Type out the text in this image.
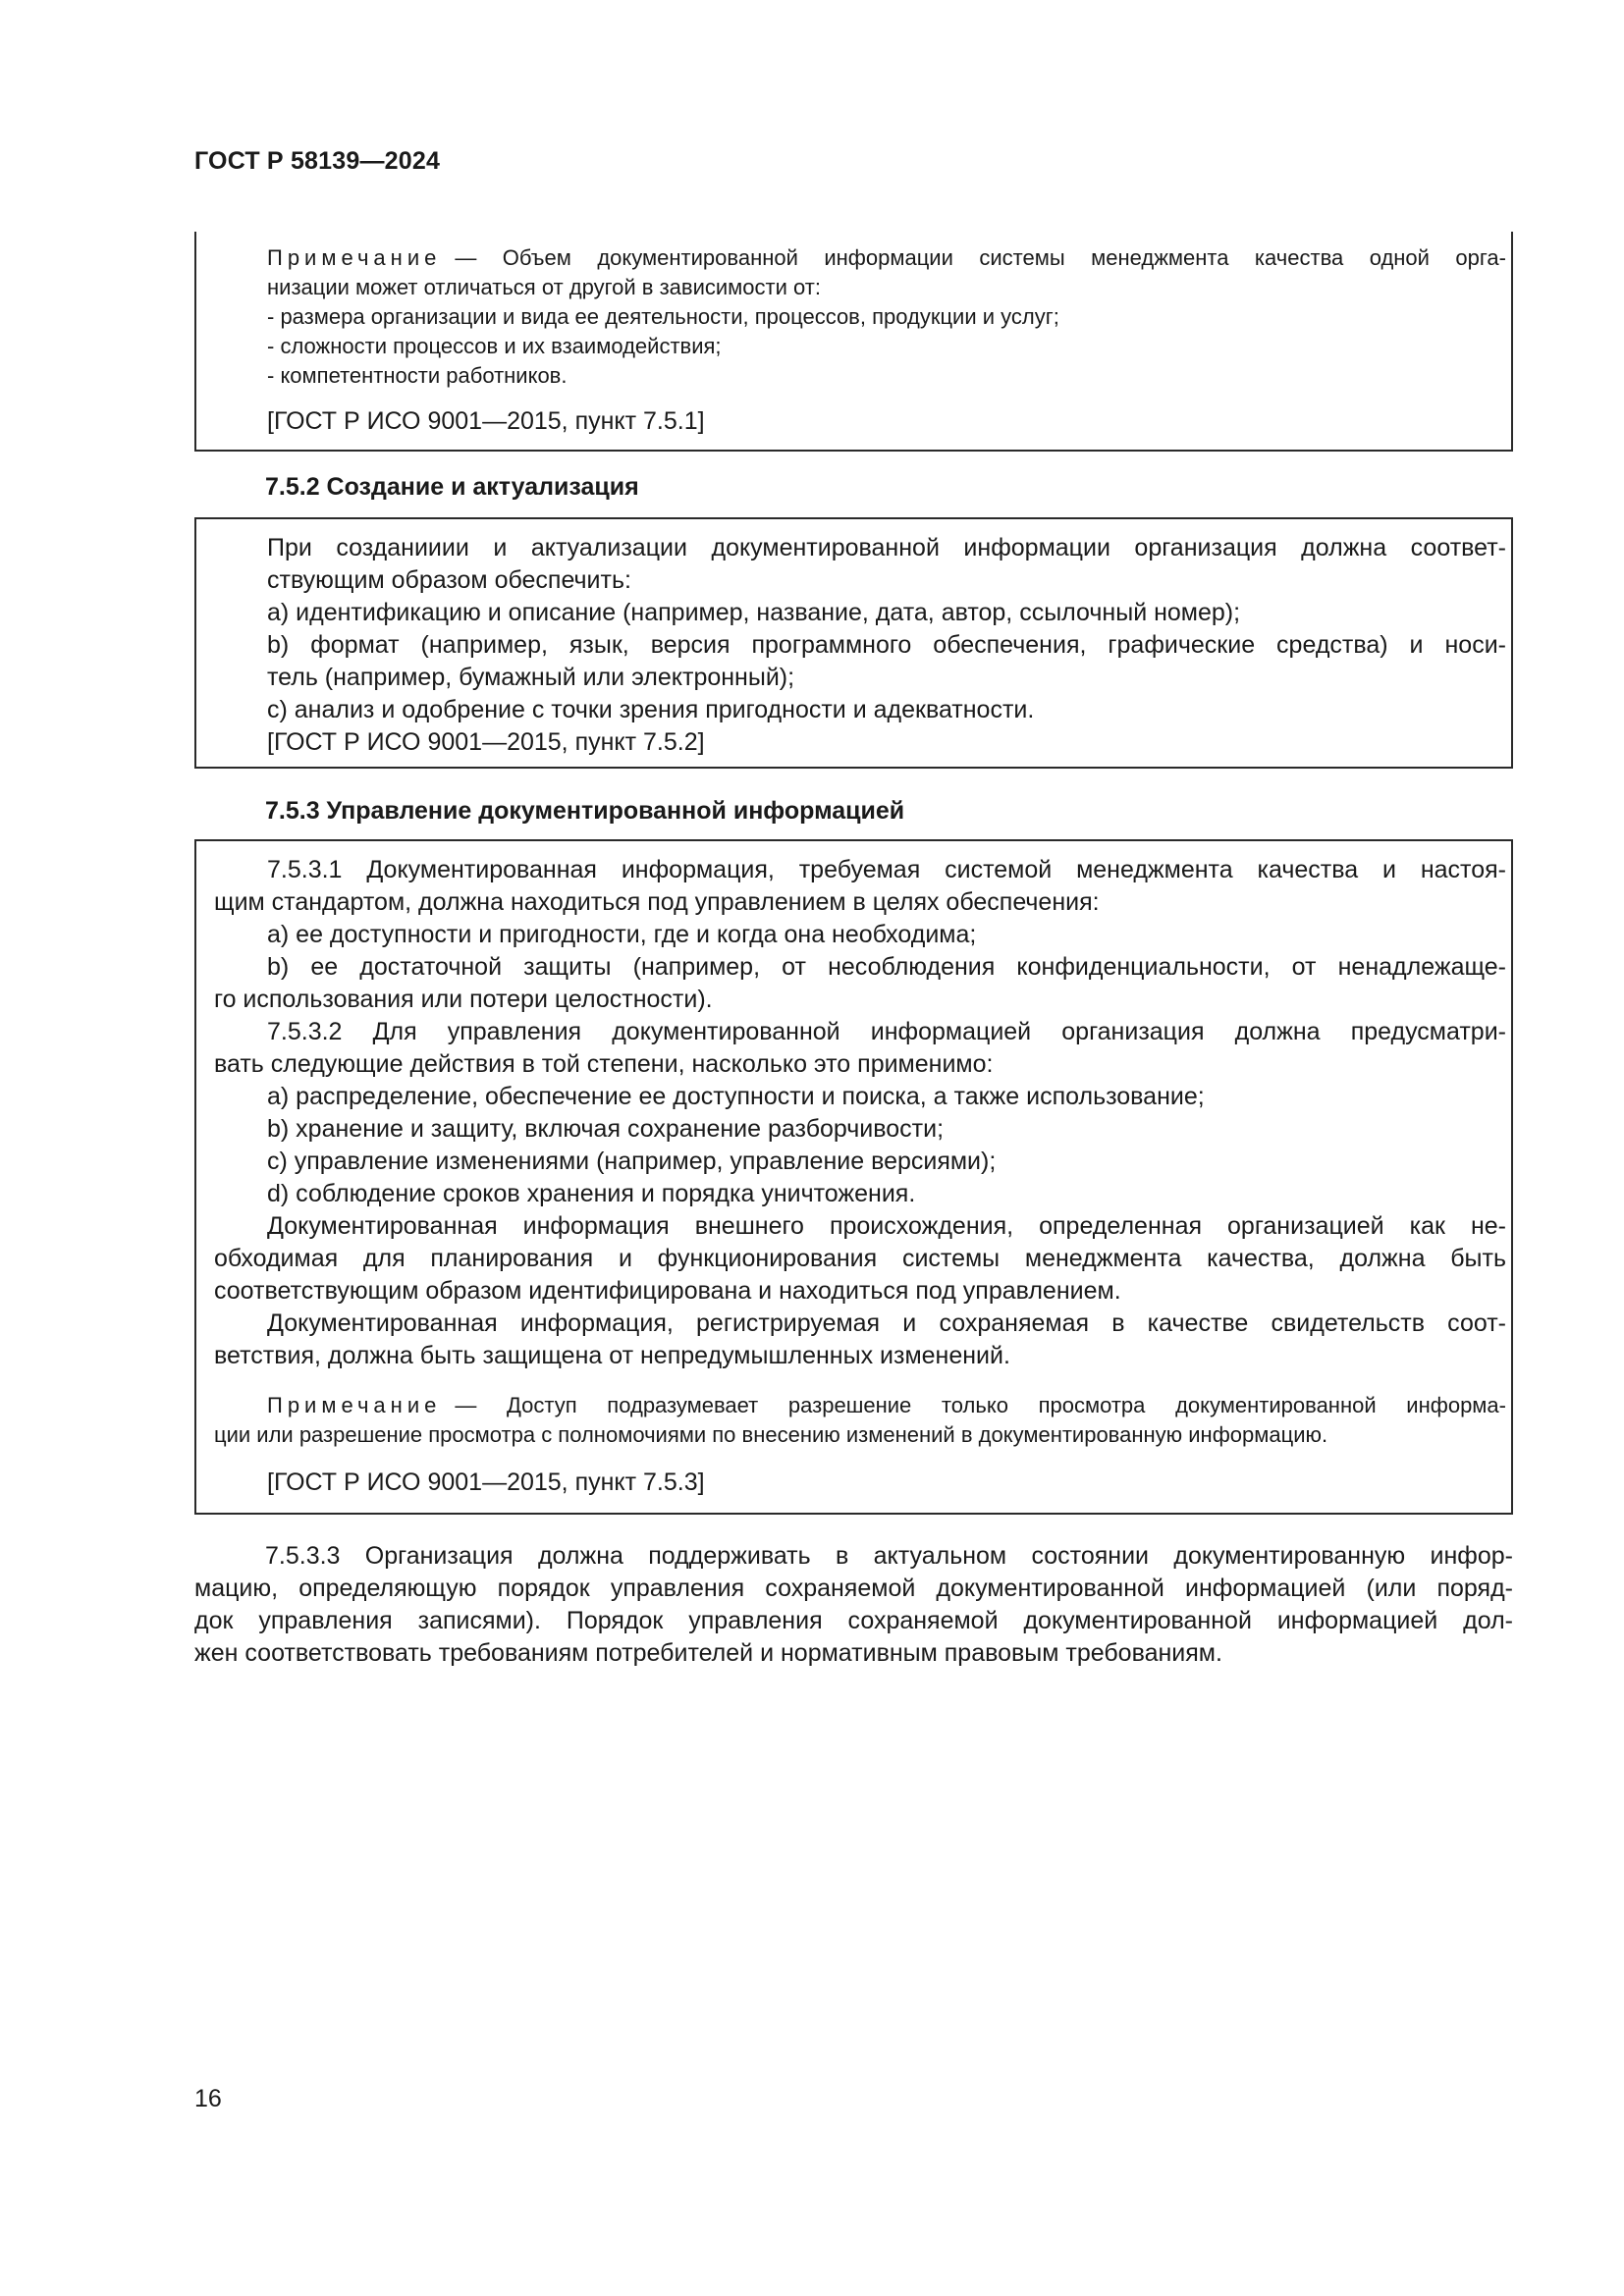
ГОСТ Р 58139—2024
Примечание — Объем документированной информации системы менеджмента качества одной орга-
низации может отличаться от другой в зависимости от:
- размера организации и вида ее деятельности, процессов, продукции и услуг;
- сложности процессов и их взаимодействия;
- компетентности работников.
[ГОСТ Р ИСО 9001—2015, пункт 7.5.1]
7.5.2 Создание и актуализация
При созданииии и актуализации документированной информации организация должна соответ-
ствующим образом обеспечить:
a) идентификацию и описание (например, название, дата, автор, ссылочный номер);
b) формат (например, язык, версия программного обеспечения, графические средства) и носи-
тель (например, бумажный или электронный);
c) анализ и одобрение с точки зрения пригодности и адекватности.
[ГОСТ Р ИСО 9001—2015, пункт 7.5.2]
7.5.3 Управление документированной информацией
7.5.3.1 Документированная информация, требуемая системой менеджмента качества и настоя-
щим стандартом, должна находиться под управлением в целях обеспечения:
a) ее доступности и пригодности, где и когда она необходима;
b) ее достаточной защиты (например, от несоблюдения конфиденциальности, от ненадлежаще-
го использования или потери целостности).
7.5.3.2 Для управления документированной информацией организация должна предусматри-
вать следующие действия в той степени, насколько это применимо:
a) распределение, обеспечение ее доступности и поиска, а также использование;
b) хранение и защиту, включая сохранение разборчивости;
c) управление изменениями (например, управление версиями);
d) соблюдение сроков хранения и порядка уничтожения.
Документированная информация внешнего происхождения, определенная организацией как не-
обходимая для планирования и функционирования системы менеджмента качества, должна быть
соответствующим образом идентифицирована и находиться под управлением.
Документированная информация, регистрируемая и сохраняемая в качестве свидетельств соот-
ветствия, должна быть защищена от непредумышленных изменений.
Примечание — Доступ подразумевает разрешение только просмотра документированной информа-
ции или разрешение просмотра с полномочиями по внесению изменений в документированную информацию.
[ГОСТ Р ИСО 9001—2015, пункт 7.5.3]
7.5.3.3 Организация должна поддерживать в актуальном состоянии документированную инфор-
мацию, определяющую порядок управления сохраняемой документированной информацией (или поряд-
док управления записями). Порядок управления сохраняемой документированной информацией дол-
жен соответствовать требованиям потребителей и нормативным правовым требованиям.
16
